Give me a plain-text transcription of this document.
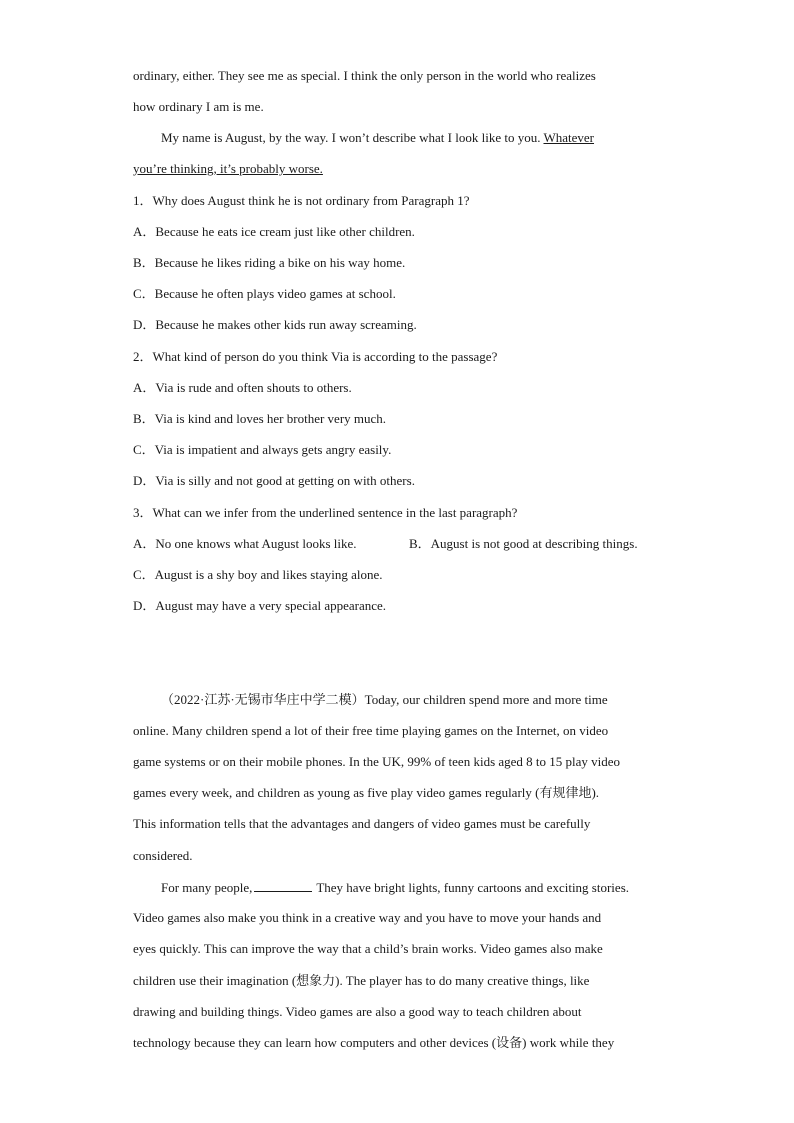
ordinary, either. They see me as special. I think the only person in the world who realizes
how ordinary I am is me.
My name is August, by the way. I won’t describe what I look like to you. Whatever
you’re thinking, it’s probably worse.
1．Why does August think he is not ordinary from Paragraph 1?
A．Because he eats ice cream just like other children.
B．Because he likes riding a bike on his way home.
C．Because he often plays video games at school.
D．Because he makes other kids run away screaming.
2．What kind of person do you think Via is according to the passage?
A．Via is rude and often shouts to others.
B．Via is kind and loves her brother very much.
C．Via is impatient and always gets angry easily.
D．Via is silly and not good at getting on with others.
3．What can we infer from the underlined sentence in the last paragraph?
A．No one knows what August looks like.	B．August is not good at describing things.
C．August is a shy boy and likes staying alone.
D．August may have a very special appearance.
（2022·江苏·无锡市华庄中学二模）Today, our children spend more and more time
online. Many children spend a lot of their free time playing games on the Internet, on video
game systems or on their mobile phones. In the UK, 99% of teen kids aged 8 to 15 play video
games every week, and children as young as five play video games regularly (有规律地).
This information tells that the advantages and dangers of video games must be carefully
considered.
For many people,	They have bright lights, funny cartoons and exciting stories.
Video games also make you think in a creative way and you have to move your hands and
eyes quickly. This can improve the way that a child’s brain works. Video games also make
children use their imagination (想象力). The player has to do many creative things, like
drawing and building things. Video games are also a good way to teach children about
technology because they can learn how computers and other devices (设备) work while they
